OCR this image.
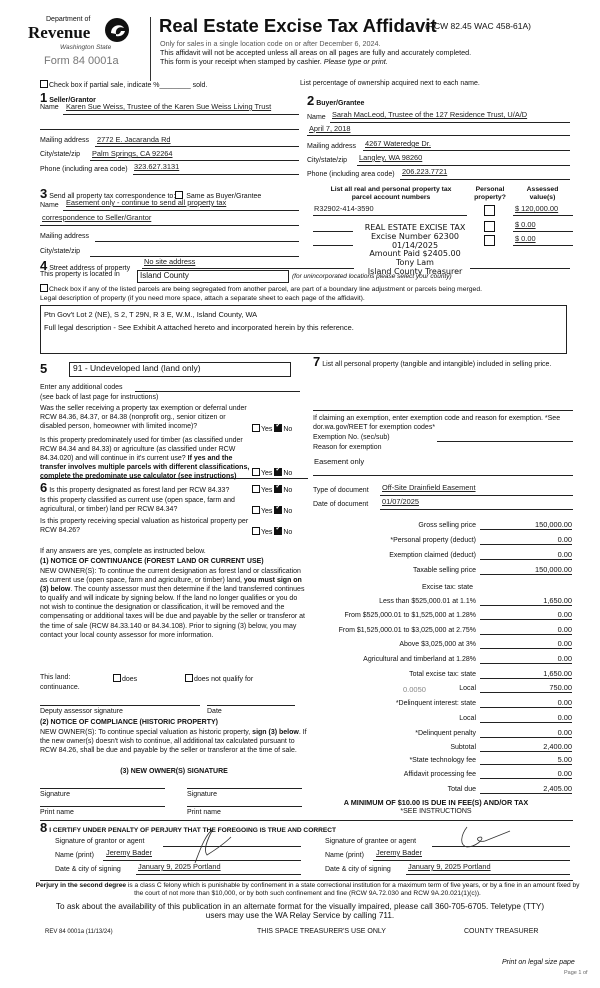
Department of
Revenue
Washington State
Form 84 0001a
Real Estate Excise Tax Affidavit
(RCW 82.45 WAC 458-61A)
Only for sales in a single location code on or after December 6, 2024.
This affidavit will not be accepted unless all areas on all pages are fully and accurately completed.
This form is your receipt when stamped by cashier. Please type or print.
Check box if partial sale, indicate %________ sold.	List percentage of ownership acquired next to each name.
1 Seller/Grantor
Name Karen Sue Weiss, Trustee of the Karen Sue Weiss Living Trust
Mailing address 2772 E. Jacaranda Rd
City/state/zip Palm Springs, CA 92264
Phone (including area code) 323.627.3131
2 Buyer/Grantee
Name Sarah MacLeod, Trustee of the 127 Residence Trust, U/A/D
April 7, 2018
Mailing address 4267 Wateredge Dr.
City/state/zip Langley, WA 98260
Phone (including area code) 206.223.7721
3 Send all property tax correspondence to: Same as Buyer/Grantee
Name Easement only - continue to send all property tax
correspondence to Seller/Grantor
Mailing address
City/state/zip
List all real and personal property tax
parcel account numbers
Personal
property?
Assessed
value(s)
R32902-414-3590	$ 120,000.00
$ 0.00
$ 0.00
REAL ESTATE EXCISE TAX
Excise Number 62300
01/14/2025
Amount Paid $2405.00
Tony Lam
Island County Treasurer
4 Street address of property
No site address
This property is located in	Island County	(for unincorporated locations please select your county)
Check box if any of the listed parcels are being segregated from another parcel, are part of a boundary line adjustment or parcels being merged.
Legal description of property (if you need more space, attach a separate sheet to each page of the affidavit).
Ptn Gov't Lot 2 (NE), S 2, T 29N, R 3 E, W.M., Island County, WA
Full legal description - See Exhibit A attached hereto and incorporated herein by this reference.
5	91 - Undeveloped land (land only)
Enter any additional codes
(see back of last page for instructions)
Was the seller receiving a property tax exemption or deferral under RCW 84.36, 84.37, or 84.38 (nonprofit org., senior citizen or disabled person, homeowner with limited income)?	Yes ✓ No
Is this property predominately used for timber (as classified under RCW 84.34 and 84.33) or agriculture (as classified under RCW 84.34.020) and will continue in it's current use? If yes and the transfer involves multiple parcels with different classifications, complete the predominate use calculator (see instructions)	Yes ✓ No
6 Is this property designated as forest land per RCW 84.33?	Yes ✓ No
Is this property classified as current use (open space, farm and agricultural, or timber) land per RCW 84.34?	Yes ✓ No
Is this property receiving special valuation as historical property per RCW 84.26?	Yes ✓ No
If any answers are yes, complete as instructed below.
(1) NOTICE OF CONTINUANCE (FOREST LAND OR CURRENT USE)
NEW OWNER(S): To continue the current designation as forest land or classification as current use (open space, farm and agriculture, or timber) land, you must sign on (3) below. The county assessor must then determine if the land transferred continues to qualify and will indicate by signing below. If the land no longer qualifies or you do not wish to continue the designation or classification, it will be removed and the compensating or additional taxes will be due and payable by the seller or transferor at the time of sale (RCW 84.33.140 or 84.34.108). Prior to signing (3) below, you may contact your local county assessor for more information.
This land:	does	does not qualify for
continuance.
Deputy assessor signature	Date
(2) NOTICE OF COMPLIANCE (HISTORIC PROPERTY)
NEW OWNER(S): To continue special valuation as historic property, sign (3) below. If the new owner(s) doesn't wish to continue, all additional tax calculated pursuant to RCW 84.26, shall be due and payable by the seller or transferor at the time of sale.
(3) NEW OWNER(S) SIGNATURE
Signature	Signature
Print name	Print name
7 List all personal property (tangible and intangible) included in selling price.
If claiming an exemption, enter exemption code and reason for exemption. *See dor.wa.gov/REET for exemption codes*
Exemption No. (sec/sub)
Reason for exemption
Easement only
Type of document Off-Site Drainfield Easement
Date of document 01/07/2025
Gross selling price	150,000.00
*Personal property (deduct)	0.00
Exemption claimed (deduct)	0.00
Taxable selling price	150,000.00
Less than $525,000.01 at 1.1%	1,650.00
From $525,000.01 to $1,525,000 at 1.28%	0.00
From $1,525,000.01 to $3,025,000 at 2.75%	0.00
Above $3,025,000 at 3%	0.00
Agricultural and timberland at 1.28%	0.00
Total excise tax: state	1,650.00
Local	750.00
*Delinquent interest: state	0.00
Local	0.00
*Delinquent penalty	0.00
Subtotal	2,400.00
*State technology fee	5.00
Affidavit processing fee	0.00
Total due	2,405.00
Excise tax: state
0.0050
A MINIMUM OF $10.00 IS DUE IN FEE(S) AND/OR TAX
*SEE INSTRUCTIONS
8 I CERTIFY UNDER PENALTY OF PERJURY THAT THE FOREGOING IS TRUE AND CORRECT
Signature of grantor or agent
Name (print) Jeremy Bader
Date & city of signing January 9, 2025 Portland
Signature of grantee or agent
Name (print) Jeremy Bader
Date & city of signing January 9, 2025 Portland
Perjury in the second degree is a class C felony which is punishable by confinement in a state correctional institution for a maximum term of five years, or by a fine in an amount fixed by the court of not more than $10,000, or by both such confinement and fine (RCW 9A.72.030 and RCW 9A.20.021(1)(c)).
To ask about the availability of this publication in an alternate format for the visually impaired, please call 360-705-6705. Teletype (TTY) users may use the WA Relay Service by calling 711.
REV 84 0001a (11/13/24)	THIS SPACE TREASURER'S USE ONLY	COUNTY TREASURER
Print on legal size pape
Page 1 of
